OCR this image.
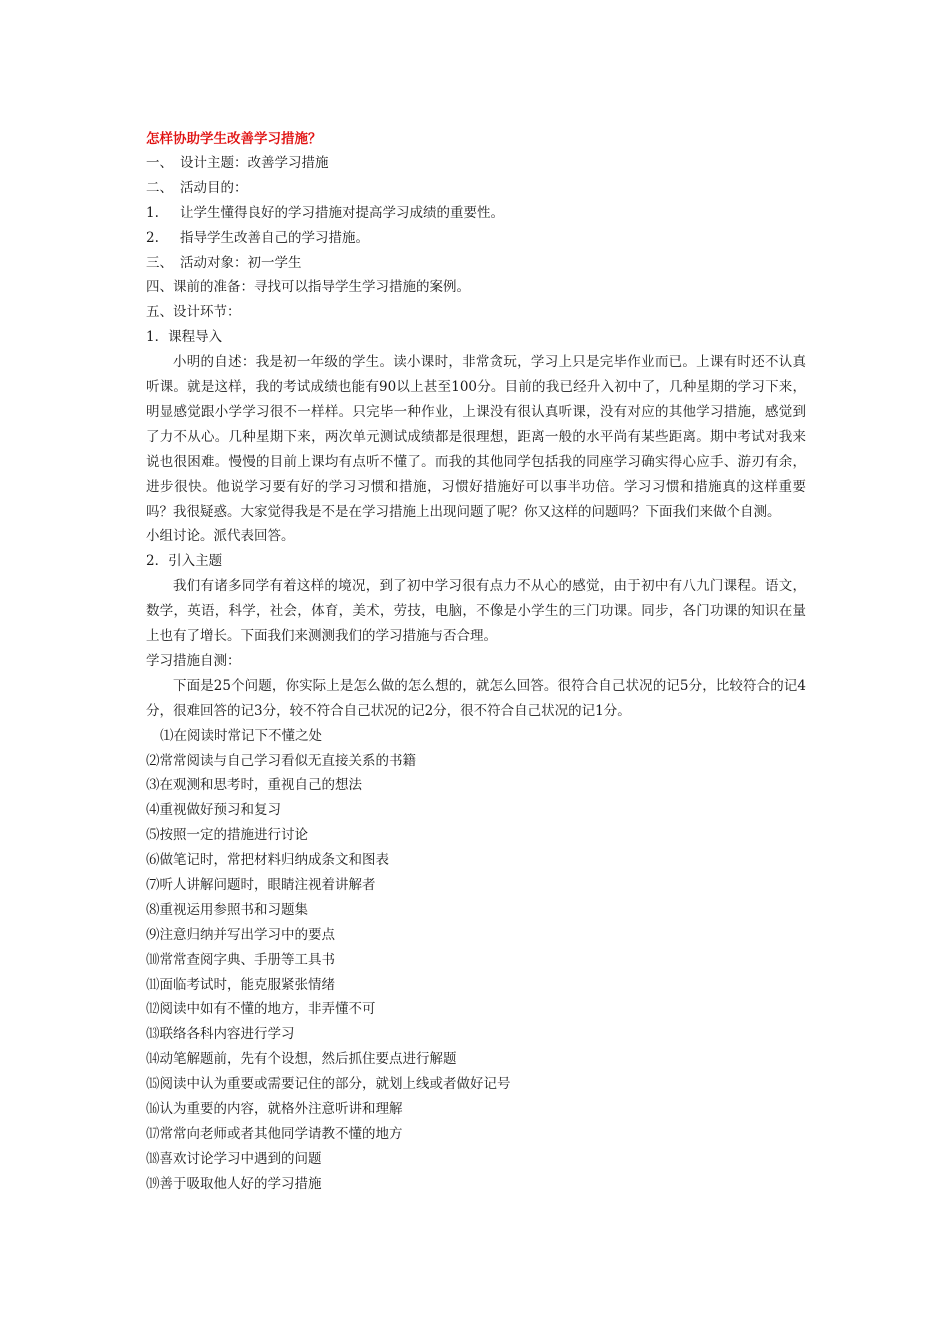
怎样协助学生改善学习措施？

一、 设计主题：改善学习措施

二、 活动目的：

1. 让学生懂得良好的学习措施对提高学习成绩的重要性。

2. 指导学生改善自己的学习措施。

三、 活动对象：初一学生

四、课前的准备：寻找可以指导学生学习措施的案例。

五、设计环节：

1．课程导入

小明的自述：我是初一年级的学生。读小课时，非常贪玩，学习上只是完毕作业而已。上课有时还不认真听课。就是这样，我的考试成绩也能有90以上甚至100分。目前的我已经升入初中了，几种星期的学习下来，明显感觉跟小学学习很不一样样。只完毕一种作业，上课没有很认真听课，没有对应的其他学习措施，感觉到了力不从心。几种星期下来，两次单元测试成绩都是很理想，距离一般的水平尚有某些距离。期中考试对我来说也很困难。慢慢的目前上课均有点听不懂了。而我的其他同学包括我的同座学习确实得心应手、游刃有余，进步很快。他说学习要有好的学习习惯和措施，习惯好措施好可以事半功倍。学习习惯和措施真的这样重要吗？我很疑惑。大家觉得我是不是在学习措施上出现问题了呢？你又这样的问题吗？下面我们来做个自测。

小组讨论。派代表回答。

2．引入主题

我们有诸多同学有着这样的境况，到了初中学习很有点力不从心的感觉，由于初中有八九门课程。语文，数学，英语，科学，社会，体育，美术，劳技，电脑，不像是小学生的三门功课。同步，各门功课的知识在量上也有了增长。下面我们来测测我们的学习措施与否合理。

学习措施自测：

下面是25个问题，你实际上是怎么做的怎么想的，就怎么回答。很符合自己状况的记5分，比较符合的记4分，很难回答的记3分，较不符合自己状况的记2分，很不符合自己状况的记1分。

⑴在阅读时常记下不懂之处

⑵常常阅读与自己学习看似无直接关系的书籍

⑶在观测和思考时，重视自己的想法

⑷重视做好预习和复习

⑸按照一定的措施进行讨论

⑹做笔记时，常把材料归纳成条文和图表

⑺听人讲解问题时，眼睛注视着讲解者

⑻重视运用参照书和习题集

⑼注意归纳并写出学习中的要点

⑽常常查阅字典、手册等工具书

⑾面临考试时，能克服紧张情绪

⑿阅读中如有不懂的地方，非弄懂不可

⒀联络各科内容进行学习

⒁动笔解题前，先有个设想，然后抓住要点进行解题

⒂阅读中认为重要或需要记住的部分，就划上线或者做好记号

⒃认为重要的内容，就格外注意听讲和理解

⒄常常向老师或者其他同学请教不懂的地方

⒅喜欢讨论学习中遇到的问题

⒆善于吸取他人好的学习措施
